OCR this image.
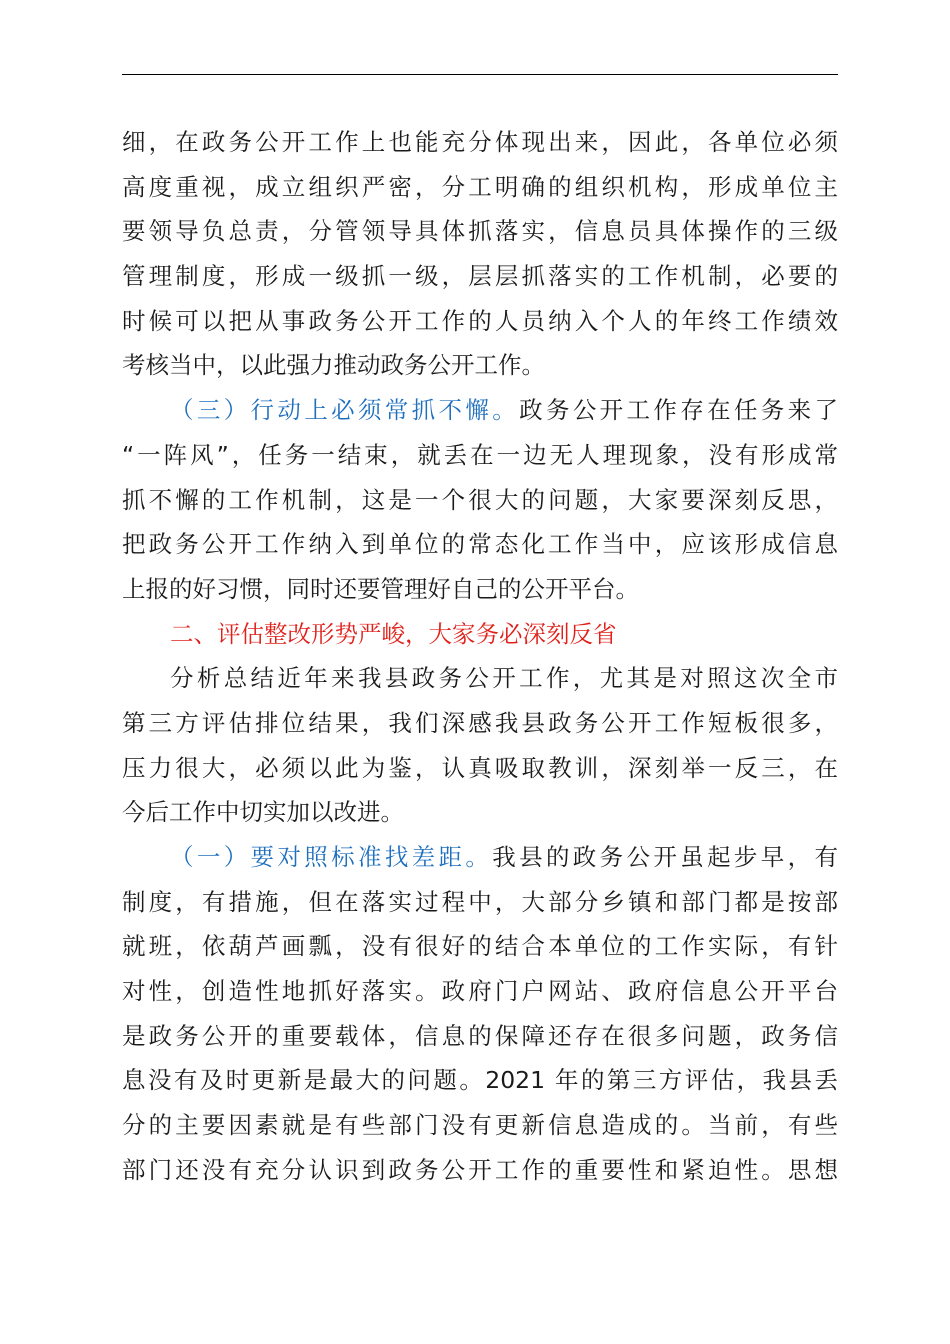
细，在政务公开工作上也能充分体现出来，因此，各单位必须
高度重视，成立组织严密，分工明确的组织机构，形成单位主
要领导负总责，分管领导具体抓落实，信息员具体操作的三级
管理制度，形成一级抓一级，层层抓落实的工作机制，必要的
时候可以把从事政务公开工作的人员纳入个人的年终工作绩效
考核当中，以此强力推动政务公开工作。
（三）行动上必须常抓不懈。政务公开工作存在任务来了
“一阵风”，任务一结束，就丢在一边无人理现象，没有形成常
抓不懈的工作机制，这是一个很大的问题，大家要深刻反思，
把政务公开工作纳入到单位的常态化工作当中，应该形成信息
上报的好习惯，同时还要管理好自己的公开平台。
二、评估整改形势严峻，大家务必深刻反省
分析总结近年来我县政务公开工作，尤其是对照这次全市
第三方评估排位结果，我们深感我县政务公开工作短板很多，
压力很大，必须以此为鉴，认真吸取教训，深刻举一反三，在
今后工作中切实加以改进。
（一）要对照标准找差距。我县的政务公开虽起步早，有
制度，有措施，但在落实过程中，大部分乡镇和部门都是按部
就班，依葫芦画瓢，没有很好的结合本单位的工作实际，有针
对性，创造性地抓好落实。政府门户网站、政府信息公开平台
是政务公开的重要载体，信息的保障还存在很多问题，政务信
息没有及时更新是最大的问题。2021 年的第三方评估，我县丢
分的主要因素就是有些部门没有更新信息造成的。当前，有些
部门还没有充分认识到政务公开工作的重要性和紧迫性。思想
